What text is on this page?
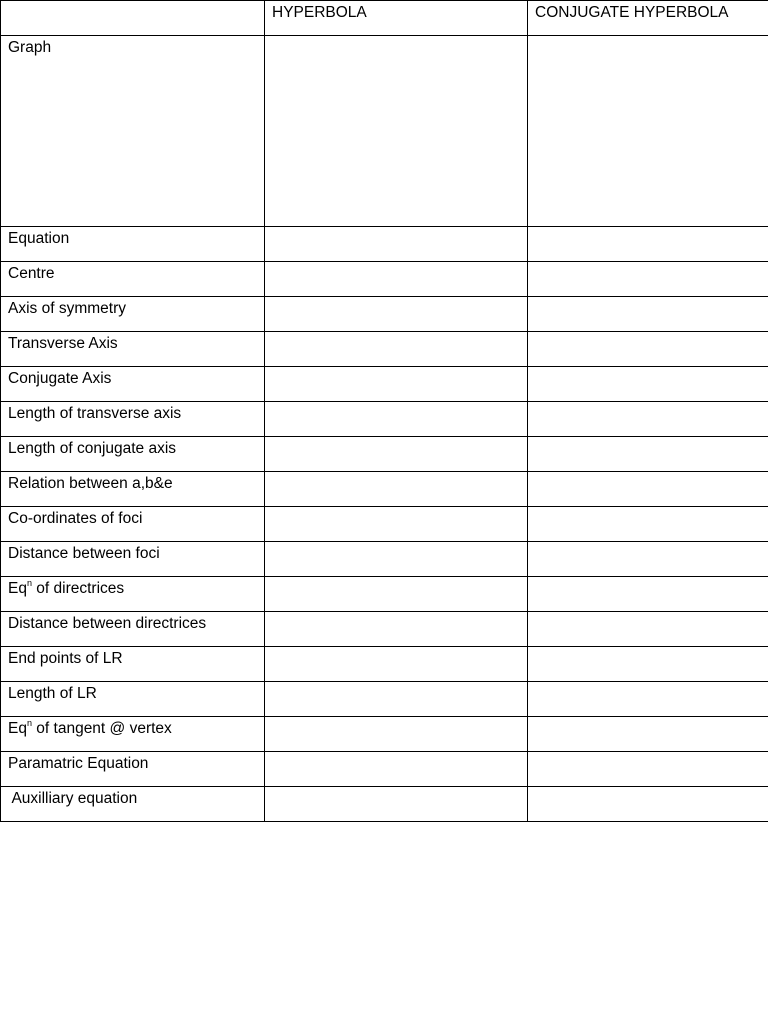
	HYPERBOLA	CONJUGATE HYPERBOLA
Graph		
Equation		
Centre		
Axis of symmetry		
Transverse Axis		
Conjugate Axis		
Length of transverse axis		
Length of conjugate axis		
Relation between a,b&e		
Co-ordinates of foci		
Distance between foci		
Eq$^n$ of directrices		
Distance between directrices		
End points of LR		
Length of LR		
Eq$^n$ of tangent @ vertex		
Paramatric Equation		
Auxilliary equation		
